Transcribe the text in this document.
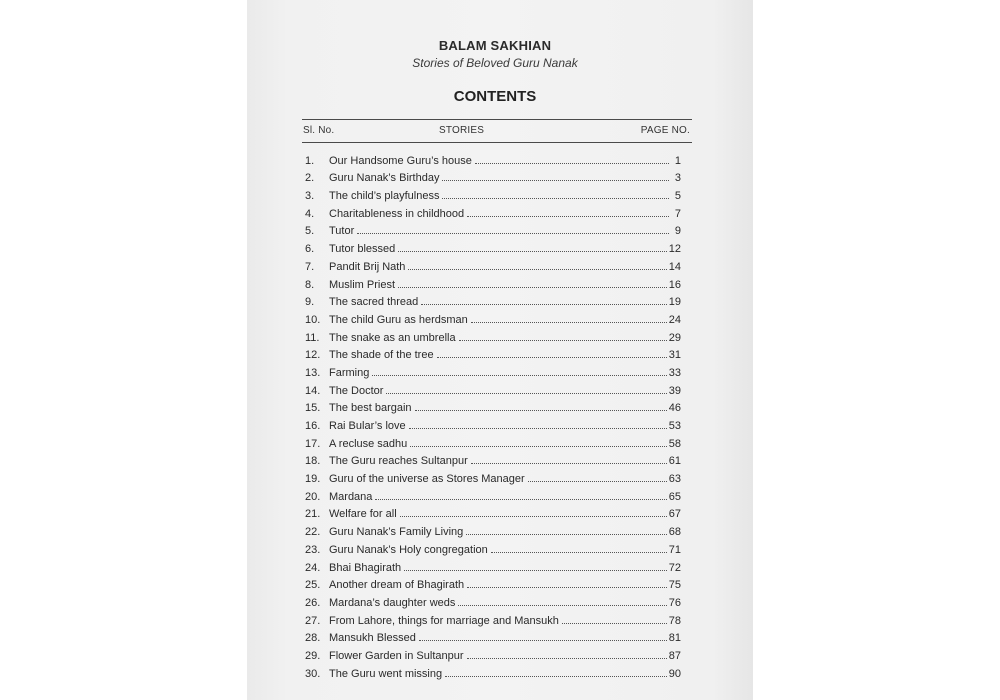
BALAM SAKHIAN
Stories of Beloved Guru Nanak
CONTENTS
Sl. No.	STORIES	PAGE NO.
1.	Our Handsome Guru’s house	1
2.	Guru Nanak’s Birthday	3
3.	The child’s playfulness	5
4.	Charitableness in childhood	7
5.	Tutor	9
6.	Tutor blessed	12
7.	Pandit Brij Nath	14
8.	Muslim Priest	16
9.	The sacred thread	19
10. The child Guru as herdsman	24
11. The snake as an umbrella	29
12. The shade of the tree	31
13. Farming	33
14. The Doctor	39
15. The best bargain	46
16. Rai Bular’s love	53
17. A recluse sadhu	58
18. The Guru reaches Sultanpur	61
19. Guru of the universe as Stores Manager	63
20. Mardana	65
21. Welfare for all	67
22. Guru Nanak’s Family Living	68
23. Guru Nanak’s Holy congregation	71
24. Bhai Bhagirath	72
25. Another dream of Bhagirath	75
26. Mardana’s daughter weds	76
27. From Lahore, things for marriage and Mansukh	78
28. Mansukh Blessed	81
29. Flower Garden in Sultanpur	87
30. The Guru went missing	90
©Sikh Virasat
